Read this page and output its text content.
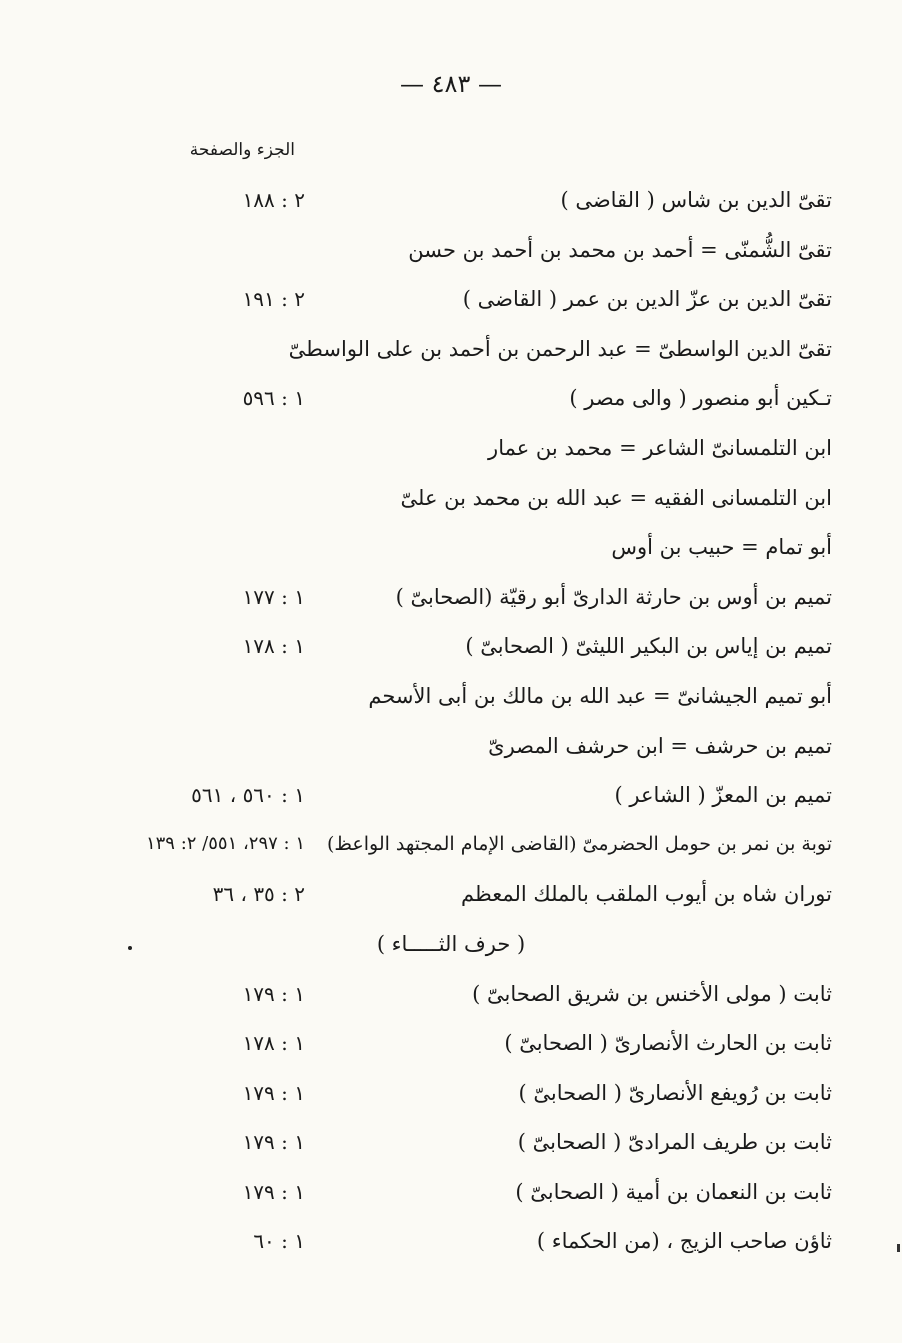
— ٤٨٣ —
الجزء والصفحة
تقىّ الدين بن شاس ( القاضى )
٢ : ١٨٨
تقىّ الشُّمنّى = أحمد بن محمد بن أحمد بن حسن
تقىّ الدين بن عزّ الدين بن عمر ( القاضى )
٢ : ١٩١
تقىّ الدين الواسطىّ = عبد الرحمن بن أحمد بن على الواسطىّ
تـكين أبو منصور ( والى مصر )
١ : ٥٩٦
ابن التلمسانىّ الشاعر = محمد بن عمار
ابن التلمسانى الفقيه = عبد الله بن محمد بن علىّ
أبو تمام = حبيب بن أوس
تميم بن أوس بن حارثة الدارىّ أبو رقيّة (الصحابىّ )
١ : ١٧٧
تميم بن إياس بن البكير الليثىّ ( الصحابىّ )
١ : ١٧٨
أبو تميم الجيشانىّ = عبد الله بن مالك بن أبى الأسحم
تميم بن حرشف = ابن حرشف المصرىّ
تميم بن المعزّ ( الشاعر )
١ : ٥٦٠ ، ٥٦١
توبة بن نمر بن حومل الحضرمىّ (القاضى الإمام المجتهد الواعظ)
١ : ٢٩٧، ٥٥١/ ٢: ١٣٩
توران شاه بن أيوب الملقب بالملك المعظم
٢ : ٣٥ ، ٣٦
( حرف الثـــــاء )
ثابت ( مولى الأخنس بن شريق الصحابىّ )
١ : ١٧٩
ثابت بن الحارث الأنصارىّ ( الصحابىّ )
١ : ١٧٨
ثابت بن رُويفع الأنصارىّ ( الصحابىّ )
١ : ١٧٩
ثابت بن طريف المرادىّ ( الصحابىّ )
١ : ١٧٩
ثابت بن النعمان بن أمية ( الصحابىّ )
١ : ١٧٩
ثاؤن صاحب الزيج ، (من الحكماء )
١ : ٦٠
